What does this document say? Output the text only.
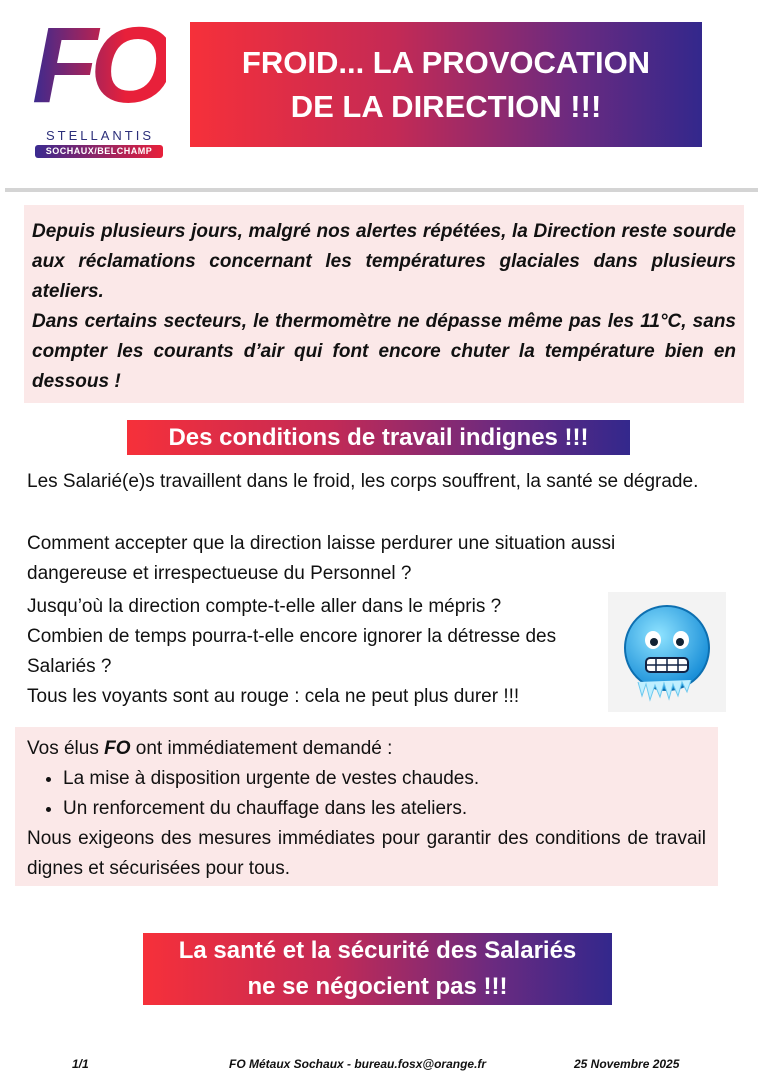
FO
STELLANTIS
SOCHAUX/BELCHAMP
FROID... LA PROVOCATION
DE LA DIRECTION !!!

Depuis plusieurs jours, malgré nos alertes répétées, la Direction reste sourde aux réclamations concernant les températures glaciales dans plusieurs ateliers.

Dans certains secteurs, le thermomètre ne dépasse même pas les 11°C, sans compter les courants d’air qui font encore chuter la température bien en dessous !

Des conditions de travail indignes !!!

Les Salarié(e)s travaillent dans le froid, les corps souffrent, la santé se dégrade.

Comment accepter que la direction laisse perdurer une situation aussi dangereuse et irrespectueuse du Personnel ?

Jusqu’où la direction compte-t-elle aller dans le mépris ?

Combien de temps pourra-t-elle encore ignorer la détresse des Salariés ?

Tous les voyants sont au rouge : cela ne peut plus durer !!!

Vos élus FO ont immédiatement demandé :
• La mise à disposition urgente de vestes chaudes.
• Un renforcement du chauffage dans les ateliers.
Nous exigeons des mesures immédiates pour garantir des conditions de travail dignes et sécurisées pour tous.
La santé et la sécurité des Salariés
ne se négocient pas !!!
1/1	FO Métaux Sochaux - bureau.fosx@orange.fr	25 Novembre 2025
